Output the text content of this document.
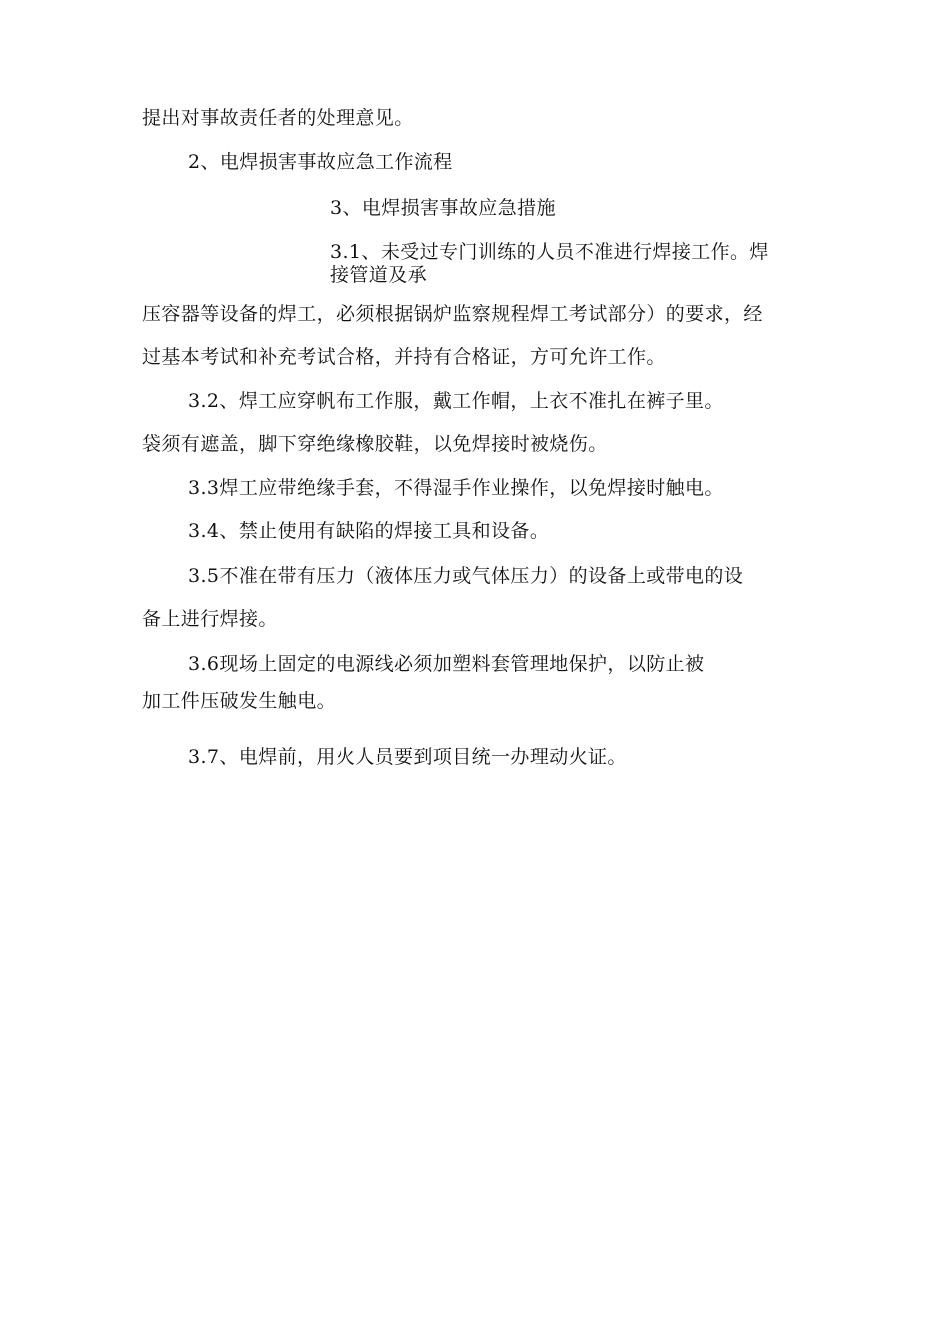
提出对事故责任者的处理意见。
2、电焊损害事故应急工作流程
3、电焊损害事故应急措施
3.1、未受过专门训练的人员不准进行焊接工作。焊
接管道及承
压容器等设备的焊工，必须根据锅炉监察规程焊工考试部分）的要求，经
过基本考试和补充考试合格，并持有合格证，方可允许工作。
3.2、焊工应穿帆布工作服，戴工作帽，上衣不准扎在裤子里。
袋须有遮盖，脚下穿绝缘橡胶鞋，以免焊接时被烧伤。
3.3焊工应带绝缘手套，不得湿手作业操作，以免焊接时触电。
3.4、禁止使用有缺陷的焊接工具和设备。
3.5不准在带有压力（液体压力或气体压力）的设备上或带电的设
备上进行焊接。
3.6现场上固定的电源线必须加塑料套管理地保护，以防止被
加工件压破发生触电。
3.7、电焊前，用火人员要到项目统一办理动火证。
